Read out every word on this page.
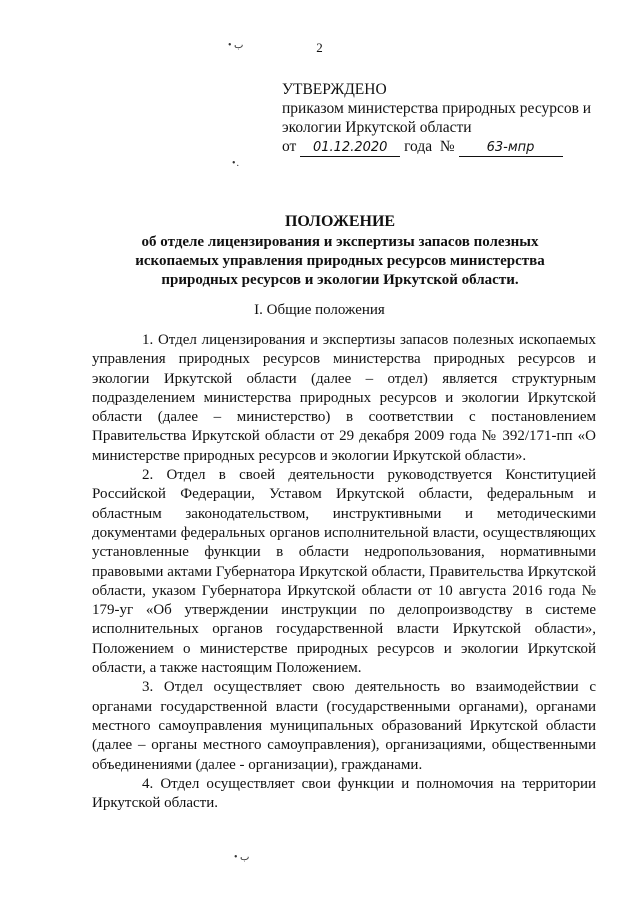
2
• ب
•.
• ب
УТВЕРЖДЕНО
приказом министерства природных ресурсов и
экологии Иркутской области
от 01.12.2020 года № 63-мпр
ПОЛОЖЕНИЕ
об отделе лицензирования и экспертизы запасов полезных
ископаемых управления природных ресурсов министерства
природных ресурсов и экологии Иркутской области.
I. Общие положения

1. Отдел лицензирования и экспертизы запасов полезных ископаемых управления природных ресурсов министерства природных ресурсов и экологии Иркутской области (далее – отдел) является структурным подразделением министерства природных ресурсов и экологии Иркутской области (далее – министерство) в соответствии с постановлением Правительства Иркутской области от 29 декабря 2009 года № 392/171-пп «О министерстве природных ресурсов и экологии Иркутской области».

2. Отдел в своей деятельности руководствуется Конституцией Российской Федерации, Уставом Иркутской области, федеральным и областным законодательством, инструктивными и методическими документами федеральных органов исполнительной власти, осуществляющих установленные функции в области недропользования, нормативными правовыми актами Губернатора Иркутской области, Правительства Иркутской области, указом Губернатора Иркутской области от 10 августа 2016 года № 179-уг «Об утверждении инструкции по делопроизводству в системе исполнительных органов государственной власти Иркутской области», Положением о министерстве природных ресурсов и экологии Иркутской области, а также настоящим Положением.

3. Отдел осуществляет свою деятельность во взаимодействии с органами государственной власти (государственными органами), органами местного самоуправления муниципальных образований Иркутской области (далее – органы местного самоуправления), организациями, общественными объединениями (далее - организации), гражданами.

4. Отдел осуществляет свои функции и полномочия на территории Иркутской области.
